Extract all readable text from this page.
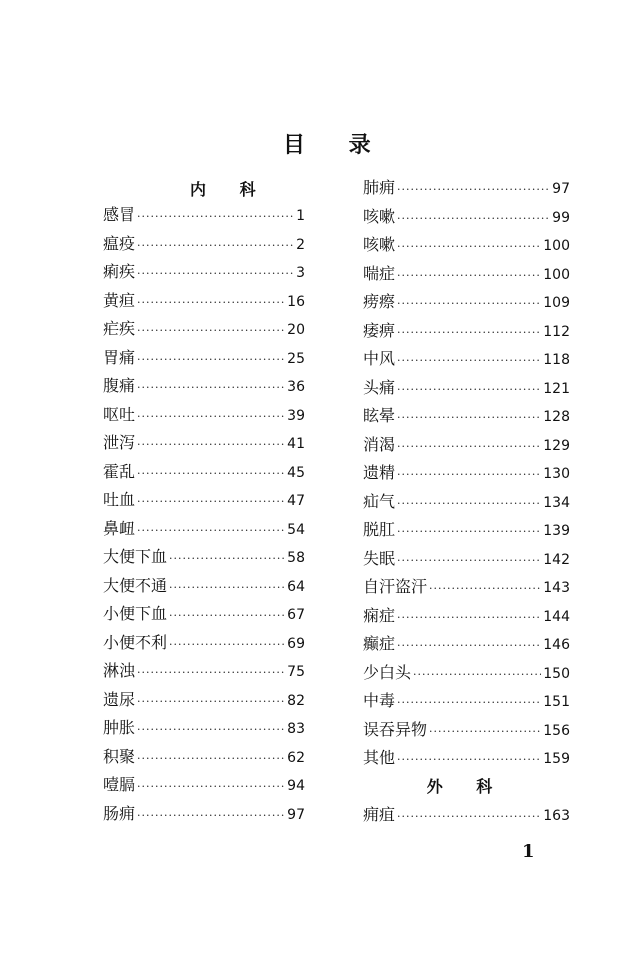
目 录
内 科
感冒 ·····	1
瘟疫 ·····	2
痢疾 ·····	3
黄疸 ·····	16
疟疾 ·····	20
胃痛 ·····	25
腹痛 ·····	36
呕吐 ·····	39
泄泻 ·····	41
霍乱 ·····	45
吐血 ·····	47
鼻衄 ·····	54
大便下血 ·····	58
大便不通 ·····	64
小便下血 ·····	67
小便不利 ·····	69
淋浊 ·····	75
遗尿 ·····	82
肿胀 ·····	83
积聚 ·····	62
噎膈 ·····	94
肠痈 ·····	97
肺痈 ·····	97
咳嗽 ·····	99
咳嗽 ·····	100
喘症 ·····	100
痨瘵 ·····	109
痿痹 ·····	112
中风 ·····	118
头痛 ·····	121
眩晕 ·····	128
消渴 ·····	129
遗精 ·····	130
疝气 ·····	134
脱肛 ·····	139
失眠 ·····	142
自汗盗汗 ·····	143
痫症 ·····	144
癫症 ·····	146
少白头 ·····	150
中毒 ·····	151
误吞异物 ·····	156
其他 ·····	159
外 科
痈疽 ·····	163
1
